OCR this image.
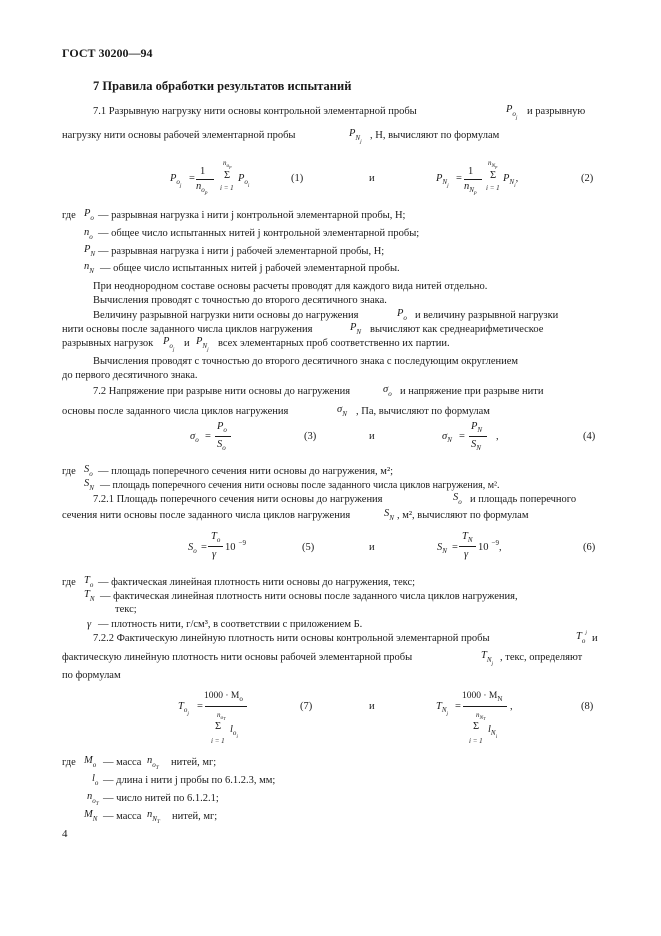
ГОСТ 30200—94
7 Правила обработки результатов испытаний
7.1 Разрывную нагрузку нити основы контрольной элементарной пробы	$P_{oj}$
и разрывную
нагрузку нити основы рабочей элементарной пробы	$P_{Nj}$
, Н, вычисляют по формулам
$P_{oj}$
=
1
$n_{op}$
$n_{op}$
Σ
i = 1
$P_{oi}$
(1)	и	$P_{Nj}$
=
1
$n_{Np}$
$n_{Np}$
Σ
i = 1
$P_{Ni}$,	(2)
где $P_o$ — разрывная нагрузка i нити j контрольной элементарной пробы, Н;
$n_o$ — общее число испытанных нитей j контрольной элементарной пробы;
$P_N$ — разрывная нагрузка i нити j рабочей элементарной пробы, Н;
$n_N$ — общее число испытанных нитей j рабочей элементарной пробы.
При неоднородном составе основы расчеты проводят для каждого вида нитей отдельно.
Вычисления проводят с точностью до второго десятичного знака.
Величину разрывной нагрузки нити основы до нагружения	$P_o$ и величину разрывной нагрузки
нити основы после заданного числа циклов нагружения	$P_N$ вычисляют как среднеарифметическое
разрывных нагрузок $P_{oj}$
и $P_{Nj}$
всех элементарных проб соответственно их партии.
Вычисления проводят с точностью до второго десятичного знака с последующим округлением
до первого десятичного знака.
7.2 Напряжение при разрыве нити основы до нагружения	$\sigma_o$ и напряжение при разрыве нити
основы после заданного числа циклов нагружения	$\sigma_N$ , Па, вычисляют по формулам
$\sigma_o$ =
$P_o$
$S_o$
(3)	и	$\sigma_N$ =
$P_N$
$S_N$
,	(4)
где $S_o$ — площадь поперечного сечения нити основы до нагружения, м²;
$S_N$ — площадь поперечного сечения нити основы после заданного числа циклов нагружения, м².
7.2.1 Площадь поперечного сечения нити основы до нагружения	$S_o$ и площадь поперечного
сечения нити основы после заданного числа циклов нагружения	$S_N$ , м², вычисляют по формулам
$S_o$ =
$T_o$
γ
10 $^{-9}$	(5)	и	$S_N$ =
$T_N$
γ
10 $^{-9}$,	(6)
где $T_o$ — фактическая линейная плотность нити основы до нагружения, текс;
$T_N$ — фактическая линейная плотность нити основы после заданного числа циклов нагружения,
текс;
γ — плотность нити, г/см³, в соответствии с приложением Б.
7.2.2 Фактическую линейную плотность нити основы контрольной элементарной пробы	$T_o^j$ и
фактическую линейную плотность нити основы рабочей элементарной пробы	$T_{Nj}$
, текс, определяют
по формулам
$T_{oj}$
=
$1000 \cdot M_o$
$n_{oT}$
Σ
i = 1
$l_{oi}$
(7)	и	$T_{Nj}$
=
$1000 \cdot M_N$
$n_{NT}$
Σ
i = 1
$l_{Ni}$
,	(8)
где $M_o$ — масса $n_{oT}$ нитей, мг;
$l_o$ — длина i нити j пробы по 6.1.2.3, мм;
$n_{oT}$ — число нитей по 6.1.2.1;
$M_N$ — масса $n_{NT}$ нитей, мг;
4
